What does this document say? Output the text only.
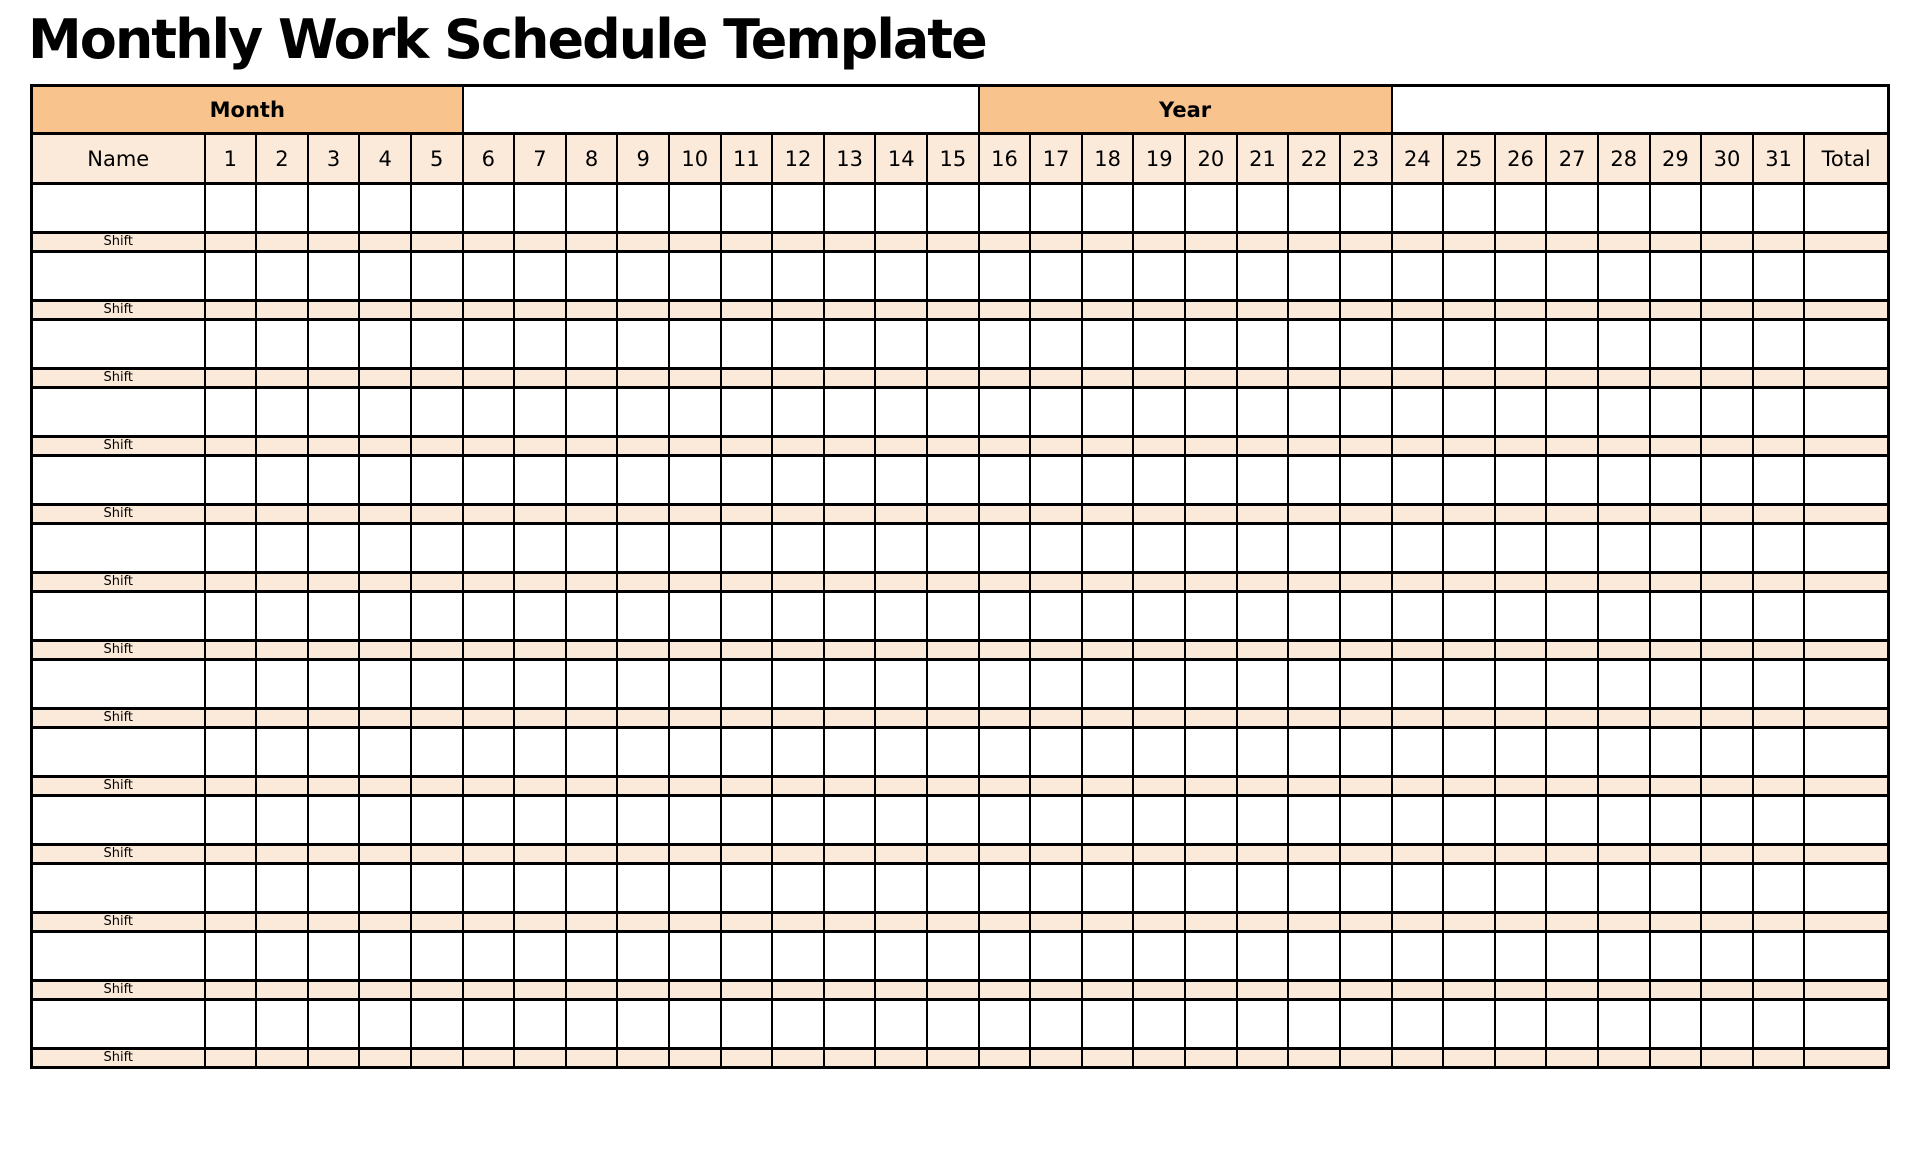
Monthly Work Schedule Template
Month																Year																
Name	1	2	3	4	5	6	7	8	9	10	11	12	13	14	15	16	17	18	19	20	21	22	23	24	25	26	27	28	29	30	31	Total

Shift																																

Shift																																

Shift																																

Shift																																

Shift																																

Shift																																

Shift																																

Shift																																

Shift																																

Shift																																

Shift																																

Shift																																

Shift																																
